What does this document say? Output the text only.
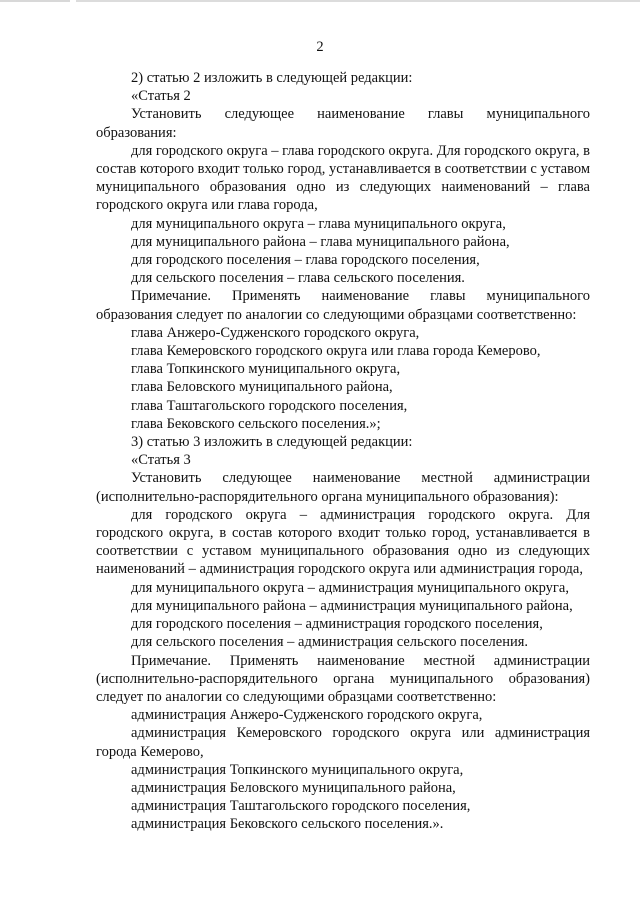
2

2) статью 2 изложить в следующей редакции:

«Статья 2

Установить следующее наименование главы муниципального образования:

для городского округа – глава городского округа. Для городского округа, в состав которого входит только город, устанавливается в соответствии с уставом муниципального образования одно из следующих наименований – глава городского округа или глава города,

для муниципального округа – глава муниципального округа,

для муниципального района – глава муниципального района,

для городского поселения – глава городского поселения,

для сельского поселения – глава сельского поселения.

Примечание. Применять наименование главы муниципального образования следует по аналогии со следующими образцами соответственно:

глава Анжеро-Судженского городского округа,

глава Кемеровского городского округа или глава города Кемерово,

глава Топкинского муниципального округа,

глава Беловского муниципального района,

глава Таштагольского городского поселения,

глава Бековского сельского поселения.»;

3) статью 3 изложить в следующей редакции:

«Статья 3

Установить следующее наименование местной администрации (исполнительно-распорядительного органа муниципального образования):

для городского округа – администрация городского округа. Для городского округа, в состав которого входит только город, устанавливается в соответствии с уставом муниципального образования одно из следующих наименований – администрация городского округа или администрация города,

для муниципального округа – администрация муниципального округа,

для муниципального района – администрация муниципального района,

для городского поселения – администрация городского поселения,

для сельского поселения – администрация сельского поселения.

Примечание. Применять наименование местной администрации (исполнительно-распорядительного органа муниципального образования) следует по аналогии со следующими образцами соответственно:

администрация Анжеро-Судженского городского округа,

администрация Кемеровского городского округа или администрация города Кемерово,

администрация Топкинского муниципального округа,

администрация Беловского муниципального района,

администрация Таштагольского городского поселения,

администрация Бековского сельского поселения.».
